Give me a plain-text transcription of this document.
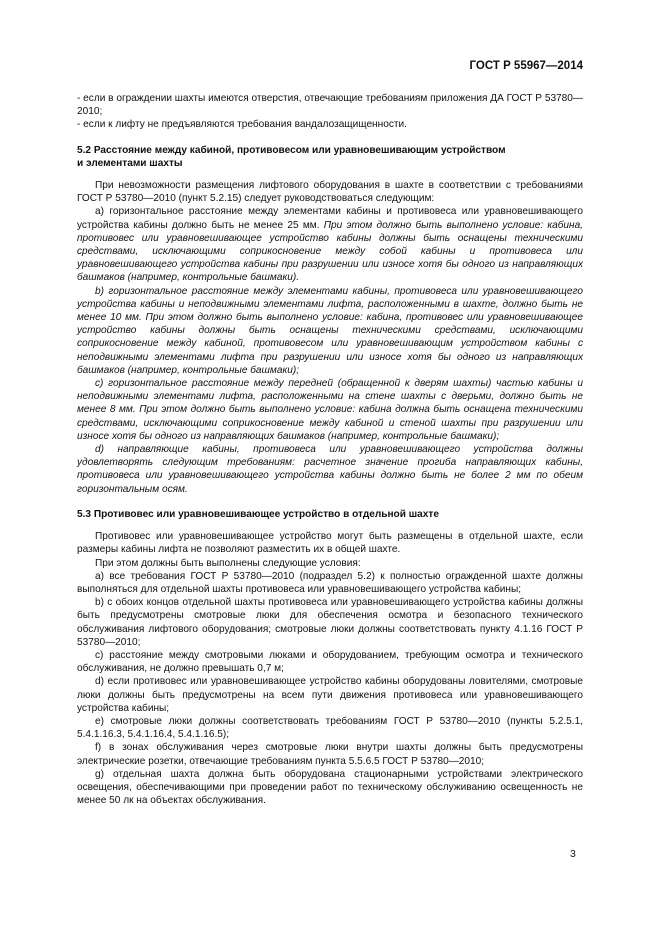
ГОСТ Р 55967—2014

- если в ограждении шахты имеются отверстия, отвечающие требованиям приложения ДА ГОСТ Р 53780—2010;

- если к лифту не предъявляются требования вандалозащищенности.

5.2 Расстояние между кабиной, противовесом или уравновешивающим устройством

и элементами шахты

При невозможности размещения лифтового оборудования в шахте в соответствии с требованиями ГОСТ Р 53780—2010 (пункт 5.2.15) следует руководствоваться следующим:

а) горизонтальное расстояние между элементами кабины и противовеса или уравновешивающего устройства кабины должно быть не менее 25 мм. При этом должно быть выполнено условие: кабина, противовес или уравновешивающее устройство кабины должны быть оснащены техническими средствами, исключающими соприкосновение между собой кабины и противовеса или уравновешивающего устройства кабины при разрушении или износе хотя бы одного из направляющих башмаков (например, контрольные башмаки).

b) горизонтальное расстояние между элементами кабины, противовеса или уравновешивающего устройства кабины и неподвижными элементами лифта, расположенными в шахте, должно быть не менее 10 мм. При этом должно быть выполнено условие: кабина, противовес или уравновешивающее устройство кабины должны быть оснащены техническими средствами, исключающими соприкосновение между кабиной, противовесом или уравновешивающим устройством кабины с неподвижными элементами лифта при разрушении или износе хотя бы одного из направляющих башмаков (например, контрольные башмаки);

с) горизонтальное расстояние между передней (обращенной к дверям шахты) частью кабины и неподвижными элементами лифта, расположенными на стене шахты с дверьми, должно быть не менее 8 мм. При этом должно быть выполнено условие: кабина должна быть оснащена техническими средствами, исключающими соприкосновение между кабиной и стеной шахты при разрушении или износе хотя бы одного из направляющих башмаков (например, контрольные башмаки);

d) направляющие кабины, противовеса или уравновешивающего устройства должны удовлетворять следующим требованиям: расчетное значение прогиба направляющих кабины, противовеса или уравновешивающего устройства кабины должно быть не более 2 мм по обеим горизонтальным осям.

5.3 Противовес или уравновешивающее устройство в отдельной шахте

Противовес или уравновешивающее устройство могут быть размещены в отдельной шахте, если размеры кабины лифта не позволяют разместить их в общей шахте.

При этом должны быть выполнены следующие условия:

а) все требования ГОСТ Р 53780—2010 (подраздел 5.2) к полностью огражденной шахте должны выполняться для отдельной шахты противовеса или уравновешивающего устройства кабины;

b) с обоих концов отдельной шахты противовеса или уравновешивающего устройства кабины должны быть предусмотрены смотровые люки для обеспечения осмотра и безопасного технического обслуживания лифтового оборудования; смотровые люки должны соответствовать пункту 4.1.16 ГОСТ Р 53780—2010;

c) расстояние между смотровыми люками и оборудованием, требующим осмотра и технического обслуживания, не должно превышать 0,7 м;

d) если противовес или уравновешивающее устройство кабины оборудованы ловителями, смотровые люки должны быть предусмотрены на всем пути движения противовеса или уравновешивающего устройства кабины;

е) смотровые люки должны соответствовать требованиям ГОСТ Р 53780—2010 (пункты 5.2.5.1, 5.4.1.16.3, 5.4.1.16.4, 5.4.1.16.5);

f) в зонах обслуживания через смотровые люки внутри шахты должны быть предусмотрены электрические розетки, отвечающие требованиям пункта 5.5.6.5 ГОСТ Р 53780—2010;

g) отдельная шахта должна быть оборудована стационарными устройствами электрического освещения, обеспечивающими при проведении работ по техническому обслуживанию освещенность не менее 50 лк на объектах обслуживания.

3
